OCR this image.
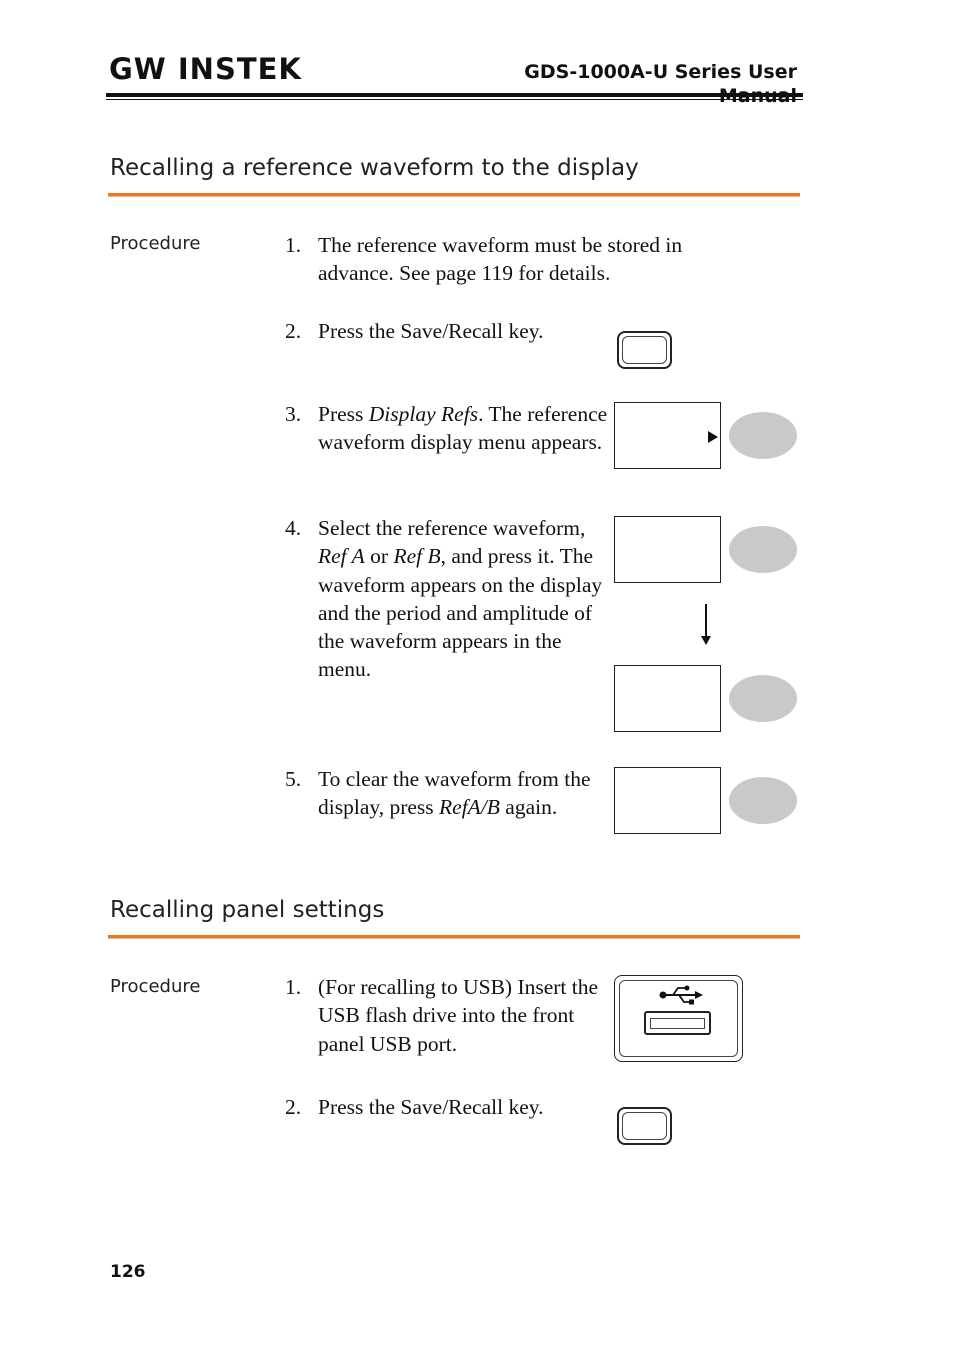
GW INSTEK	GDS-1000A-U Series User
Recalling a reference waveform to the display
Procedure	1. The reference waveform must be stored in advance. See page 119 for details.
2. Press the Save/Recall key.
3. Press Display Refs. The reference waveform display menu appears.
4. Select the reference waveform, Ref A or Ref B, and press it. The waveform appears on the display and the period and amplitude of the waveform appears in the menu.
5. To clear the waveform from the display, press RefA/B again.
Recalling panel settings
Procedure	1. (For recalling to USB) Insert the USB flash drive into the front panel USB port.
2. Press the Save/Recall key.
126
